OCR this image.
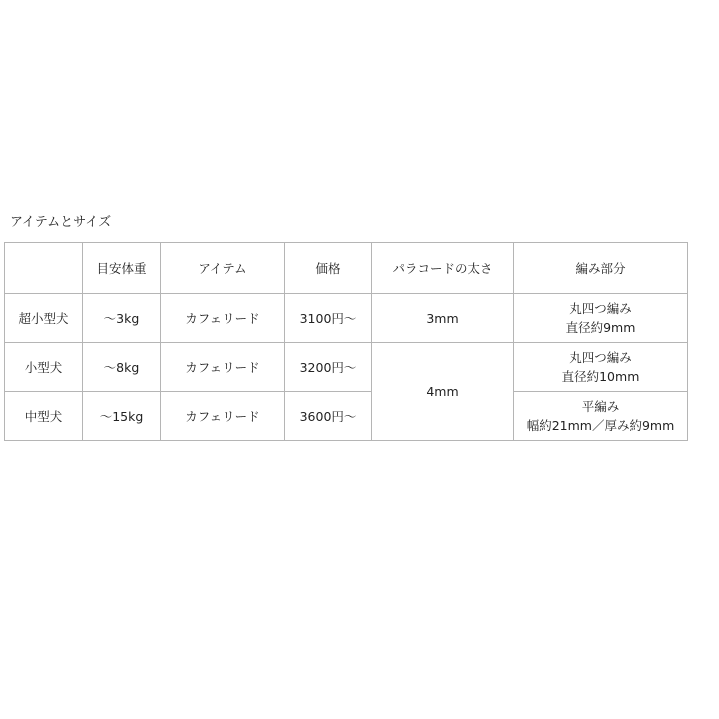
アイテムとサイズ
	目安体重	アイテム	価格	パラコードの太さ	編み部分
超小型犬	〜3kg	カフェリード	3100円〜	3mm	丸四つ編み
直径約9mm

小型犬	〜8kg	カフェリード	3200円〜	4mm	丸四つ編み
直径約10mm

中型犬	〜15kg	カフェリード	3600円〜		平編み
幅約21mm／厚み約9mm
